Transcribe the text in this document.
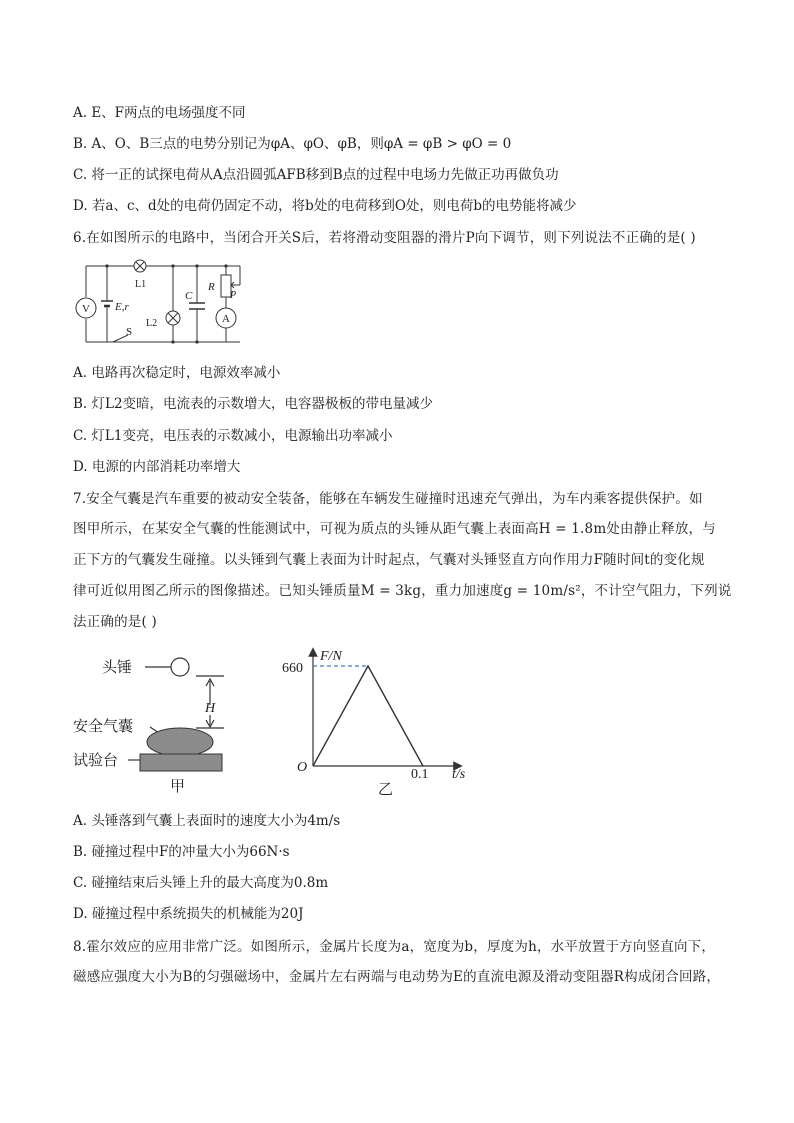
A. E、F两点的电场强度不同
B. A、O、B三点的电势分别记为φA、φO、φB，则φA = φB > φO = 0
C. 将一正的试探电荷从A点沿圆弧AFB移到B点的过程中电场力先做正功再做负功
D. 若a、c、d处的电荷仍固定不动，将b处的电荷移到O处，则电荷b的电势能将减少
6.在如图所示的电路中，当闭合开关S后，若将滑动变阻器的滑片P向下调节，则下列说法不正确的是( )
V
A
L1
L2
E,r
S
C
R
P
A. 电路再次稳定时，电源效率减小
B. 灯L2变暗，电流表的示数增大，电容器极板的带电量减少
C. 灯L1变亮，电压表的示数减小，电源输出功率减小
D. 电源的内部消耗功率增大
7.安全气囊是汽车重要的被动安全装备，能够在车辆发生碰撞时迅速充气弹出，为车内乘客提供保护。如
图甲所示，在某安全气囊的性能测试中，可视为质点的头锤从距气囊上表面高H = 1.8m处由静止释放，与
正下方的气囊发生碰撞。以头锤到气囊上表面为计时起点，气囊对头锤竖直方向作用力F随时间t的变化规
律可近似用图乙所示的图像描述。已知头锤质量M = 3kg，重力加速度g = 10m/s²，不计空气阻力，下列说
法正确的是( )
头锤
H
安全气囊
试验台
甲
F/N
660
O	0.1 t/s
乙
A. 头锤落到气囊上表面时的速度大小为4m/s
B. 碰撞过程中F的冲量大小为66N·s
C. 碰撞结束后头锤上升的最大高度为0.8m
D. 碰撞过程中系统损失的机械能为20J
8.霍尔效应的应用非常广泛。如图所示，金属片长度为a，宽度为b，厚度为h，水平放置于方向竖直向下，
磁感应强度大小为B的匀强磁场中，金属片左右两端与电动势为E的直流电源及滑动变阻器R构成闭合回路，
